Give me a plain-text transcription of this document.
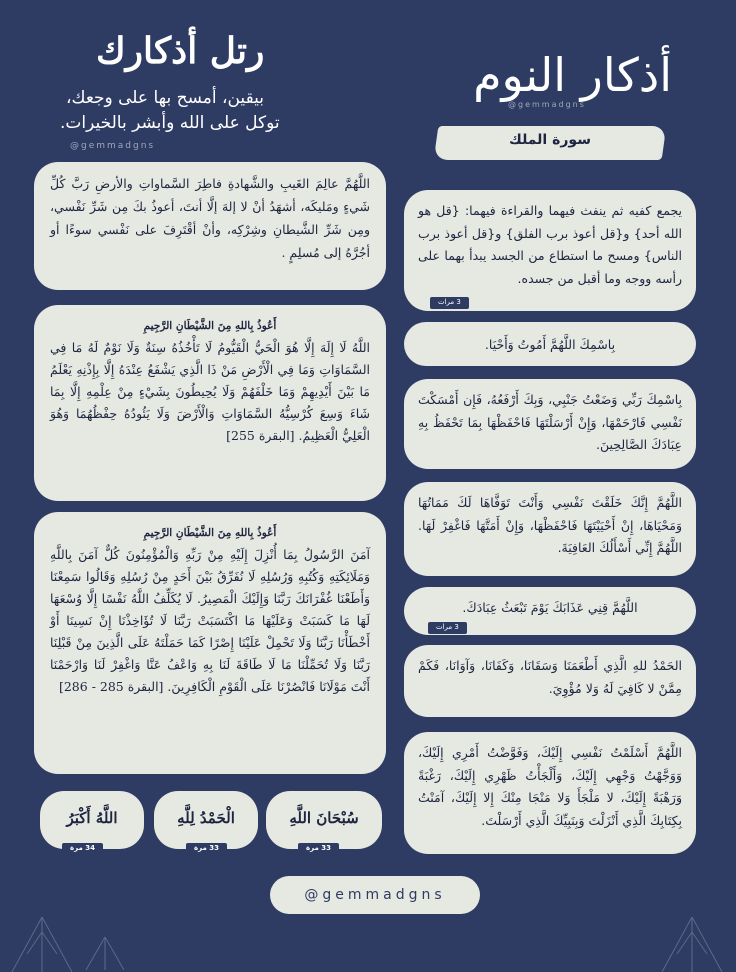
أذكار النوم
@gemmadgns
سورة الملك
رتل أذكارك
بيقين، أمسح بها على وجعك،
توكل على الله وأبشر بالخيرات.
@gemmadgns
يجمع كفيه ثم ينفث فيهما والقراءة فيهما: {قل هو الله أحد} و{قل أعوذ برب الفلق} و{قل أعوذ برب الناس} ومسح ما استطاع من الجسد يبدأ بهما على رأسه ووجه وما أقبل من جسده.
3 مرات
بِاسْمِكَ اللَّهُمَّ أَمُوتُ وَأَحْيَا.
بِاسْمِكَ رَبِّي وَضَعْتُ جَنْبِي، وَبِكَ أَرْفَعُهُ، فَإِن أَمْسَكْتَ نَفْسِي فَارْحَمْهَا، وَإِنْ أَرْسَلْتَهَا فَاحْفَظْهَا بِمَا تَحْفَظُ بِهِ عِبَادَكَ الصَّالِحِينَ.
اللَّهُمَّ إِنَّكَ خَلَقْتَ نَفْسِي وَأَنْتَ تَوَفَّاهَا لَكَ مَمَاتُهَا وَمَحْيَاهَا، إِنْ أَحْيَيْتَهَا فَاحْفَظْهَا، وَإِنْ أَمَتَّهَا فَاغْفِرْ لَهَا. اللَّهُمَّ إِنِّي أَسْأَلُكَ العَافِيَةَ.
اللَّهُمَّ قِنِي عَذَابَكَ يَوْمَ تَبْعَثُ عِبَادَكَ.
3 مرات
الحَمْدُ للهِ الَّذِي أَطْعَمَنَا وَسَقَانَا، وَكَفَانَا، وَآوَانَا، فَكَمْ مِمَّنْ لا كَافِيَ لَهُ وَلا مُؤْوِيَ.
اللَّهُمَّ أَسْلَمْتُ نَفْسِي إِلَيْكَ، وَفَوَّضْتُ أَمْرِي إِلَيْكَ، وَوَجَّهْتُ وَجْهِي إِلَيْكَ، وَأَلْجَأْتُ ظَهْرِي إِلَيْكَ، رَغْبَةً وَرَهْبَةً إِلَيْكَ، لا مَلْجَأَ وَلا مَنْجَا مِنْكَ إِلا إِلَيْكَ، آمَنْتُ بِكِتَابِكَ الَّذِي أَنْزَلْتَ وَبِنَبِيِّكَ الَّذِي أَرْسَلْتَ.
اللَّهُمَّ عالِمَ الغَيبِ والشَّهادةِ فاطِرَ السَّماواتِ والأرضِ رَبَّ كُلِّ شَيءٍ ومَليكَه، أشهَدُ أنْ لا إلهَ إلَّا أنتَ، أعوذُ بكَ مِن شَرِّ نَفْسي، ومِن شَرِّ الشَّيطانِ وشِرْكِه، وأنْ أقْتَرِفَ على نَفْسي سوءًا أو أجُرَّهُ إلى مُسلِمٍ .
أَعُوذُ بِاللهِ مِنَ الشَّيْطَانِ الرَّجِيمِ
اللَّهُ لَا إِلَهَ إِلَّا هُوَ الْحَيُّ الْقَيُّومُ لَا تَأْخُذُهُ سِنَةٌ وَلَا نَوْمٌ لَهُ مَا فِي السَّمَاوَاتِ وَمَا فِي الْأَرْضِ مَنْ ذَا الَّذِي يَشْفَعُ عِنْدَهُ إِلَّا بِإِذْنِهِ يَعْلَمُ مَا بَيْنَ أَيْدِيهِمْ وَمَا خَلْفَهُمْ وَلَا يُحِيطُونَ بِشَيْءٍ مِنْ عِلْمِهِ إِلَّا بِمَا شَاءَ وَسِعَ كُرْسِيُّهُ السَّمَاوَاتِ وَالْأَرْضَ وَلَا يَئُودُهُ حِفْظُهُمَا وَهُوَ الْعَلِيُّ الْعَظِيمُ. [البقرة 255]
أَعُوذُ بِاللهِ مِنَ الشَّيْطَانِ الرَّجِيمِ
آمَنَ الرَّسُولُ بِمَا أُنْزِلَ إِلَيْهِ مِنْ رَبِّهِ وَالْمُؤْمِنُونَ كُلٌّ آمَنَ بِاللَّهِ وَمَلَائِكَتِهِ وَكُتُبِهِ وَرُسُلِهِ لَا نُفَرِّقُ بَيْنَ أَحَدٍ مِنْ رُسُلِهِ وَقَالُوا سَمِعْنَا وَأَطَعْنَا غُفْرَانَكَ رَبَّنَا وَإِلَيْكَ الْمَصِيرُ. لَا يُكَلِّفُ اللَّهُ نَفْسًا إِلَّا وُسْعَهَا لَهَا مَا كَسَبَتْ وَعَلَيْهَا مَا اكْتَسَبَتْ رَبَّنَا لَا تُؤَاخِذْنَا إِنْ نَسِينَا أَوْ أَخْطَأْنَا رَبَّنَا وَلَا تَحْمِلْ عَلَيْنَا إِصْرًا كَمَا حَمَلْتَهُ عَلَى الَّذِينَ مِنْ قَبْلِنَا رَبَّنَا وَلَا تُحَمِّلْنَا مَا لَا طَاقَةَ لَنَا بِهِ وَاعْفُ عَنَّا وَاغْفِرْ لَنَا وَارْحَمْنَا أَنْتَ مَوْلَانَا فَانْصُرْنَا عَلَى الْقَوْمِ الْكَافِرِينَ. [البقرة 285 - 286]
سُبْحَانَ اللَّهِ
33 مرة
الْحَمْدُ لِلَّهِ
33 مرة
اللَّهُ أَكْبَرُ
34 مرة
@gemmadgns
